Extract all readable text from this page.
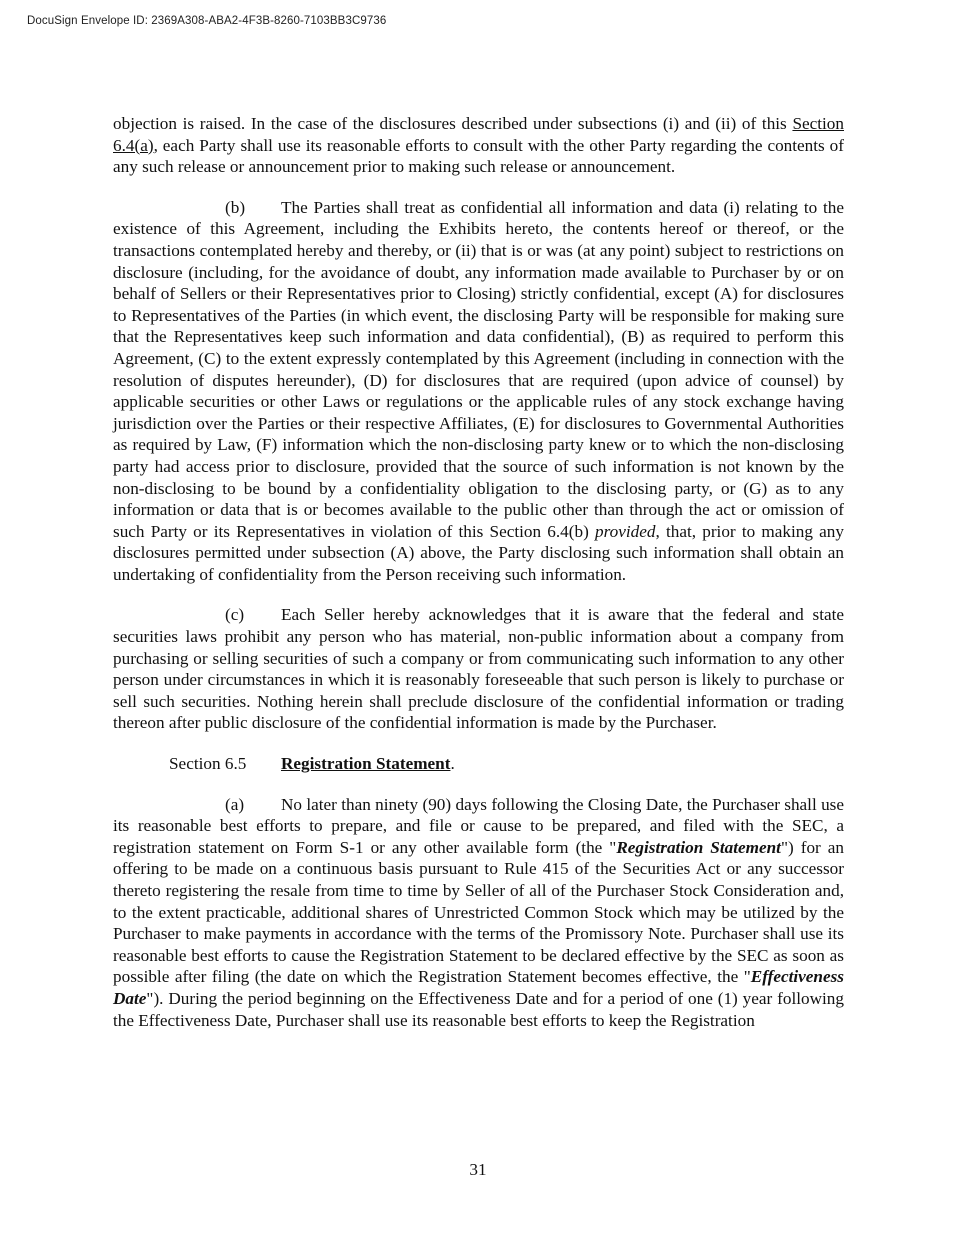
DocuSign Envelope ID: 2369A308-ABA2-4F3B-8260-7103BB3C9736

objection is raised. In the case of the disclosures described under subsections (i) and (ii) of this Section 6.4(a), each Party shall use its reasonable efforts to consult with the other Party regarding the contents of any such release or announcement prior to making such release or announcement.

(b) The Parties shall treat as confidential all information and data (i) relating to the existence of this Agreement, including the Exhibits hereto, the contents hereof or thereof, or the transactions contemplated hereby and thereby, or (ii) that is or was (at any point) subject to restrictions on disclosure (including, for the avoidance of doubt, any information made available to Purchaser by or on behalf of Sellers or their Representatives prior to Closing) strictly confidential, except (A) for disclosures to Representatives of the Parties (in which event, the disclosing Party will be responsible for making sure that the Representatives keep such information and data confidential), (B) as required to perform this Agreement, (C) to the extent expressly contemplated by this Agreement (including in connection with the resolution of disputes hereunder), (D) for disclosures that are required (upon advice of counsel) by applicable securities or other Laws or regulations or the applicable rules of any stock exchange having jurisdiction over the Parties or their respective Affiliates, (E) for disclosures to Governmental Authorities as required by Law, (F) information which the non-disclosing party knew or to which the non-disclosing party had access prior to disclosure, provided that the source of such information is not known by the non-disclosing to be bound by a confidentiality obligation to the disclosing party, or (G) as to any information or data that is or becomes available to the public other than through the act or omission of such Party or its Representatives in violation of this Section 6.4(b) provided, that, prior to making any disclosures permitted under subsection (A) above, the Party disclosing such information shall obtain an undertaking of confidentiality from the Person receiving such information.

(c) Each Seller hereby acknowledges that it is aware that the federal and state securities laws prohibit any person who has material, non-public information about a company from purchasing or selling securities of such a company or from communicating such information to any other person under circumstances in which it is reasonably foreseeable that such person is likely to purchase or sell such securities. Nothing herein shall preclude disclosure of the confidential information or trading thereon after public disclosure of the confidential information is made by the Purchaser.

Section 6.5 Registration Statement.

(a) No later than ninety (90) days following the Closing Date, the Purchaser shall use its reasonable best efforts to prepare, and file or cause to be prepared, and filed with the SEC, a registration statement on Form S-1 or any other available form (the "Registration Statement") for an offering to be made on a continuous basis pursuant to Rule 415 of the Securities Act or any successor thereto registering the resale from time to time by Seller of all of the Purchaser Stock Consideration and, to the extent practicable, additional shares of Unrestricted Common Stock which may be utilized by the Purchaser to make payments in accordance with the terms of the Promissory Note. Purchaser shall use its reasonable best efforts to cause the Registration Statement to be declared effective by the SEC as soon as possible after filing (the date on which the Registration Statement becomes effective, the "Effectiveness Date"). During the period beginning on the Effectiveness Date and for a period of one (1) year following the Effectiveness Date, Purchaser shall use its reasonable best efforts to keep the Registration

31
